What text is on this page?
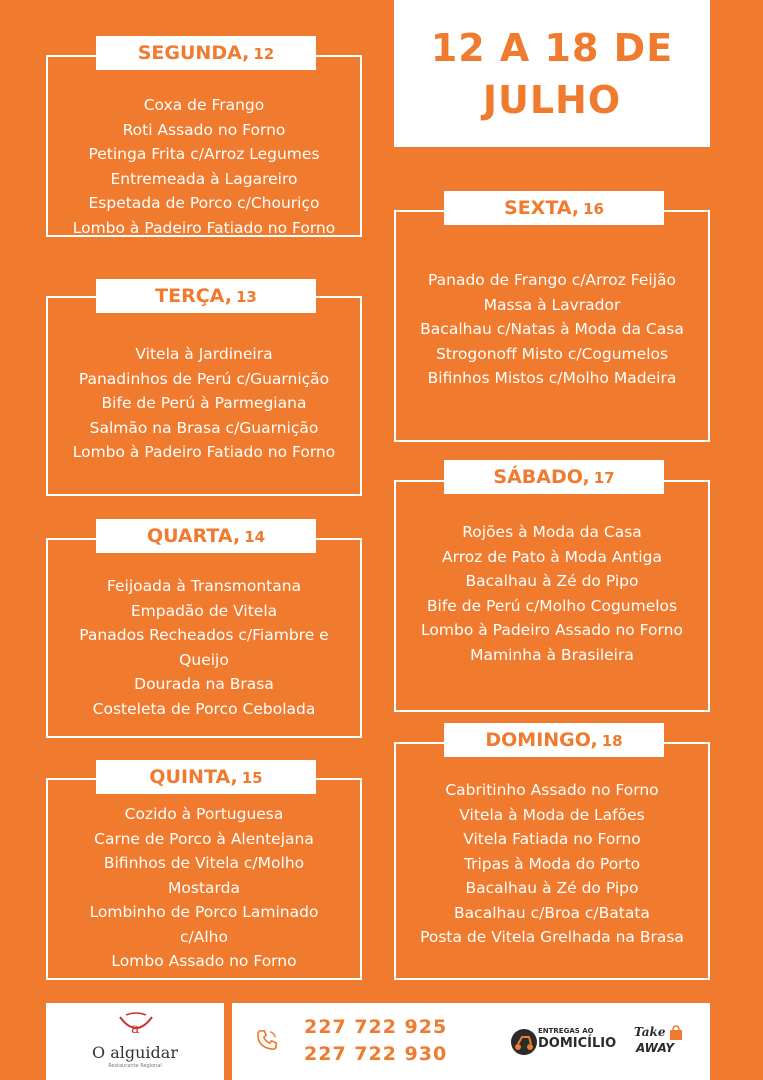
12 A 18 DE
JULHO
Coxa de Frango
Roti Assado no Forno
Petinga Frita c/Arroz Legumes
Entremeada à Lagareiro
Espetada de Porco c/Chouriço
Lombo à Padeiro Fatiado no Forno
SEGUNDA, 12
Vitela à Jardineira
Panadinhos de Perú c/Guarnição
Bife de Perú à Parmegiana
Salmão na Brasa c/Guarnição
Lombo à Padeiro Fatiado no Forno
TERÇA, 13
Feijoada à Transmontana
Empadão de Vitela
Panados Recheados c/Fiambre e
Queijo
Dourada na Brasa
Costeleta de Porco Cebolada
QUARTA, 14
Cozido à Portuguesa
Carne de Porco à Alentejana
Bifinhos de Vitela c/Molho
Mostarda
Lombinho de Porco Laminado
c/Alho
Lombo Assado no Forno
QUINTA, 15
Panado de Frango c/Arroz Feijão
Massa à Lavrador
Bacalhau c/Natas à Moda da Casa
Strogonoff Misto c/Cogumelos
Bifinhos Mistos c/Molho Madeira
SEXTA, 16
Rojões à Moda da Casa
Arroz de Pato à Moda Antiga
Bacalhau à Zé do Pipo
Bife de Perú c/Molho Cogumelos
Lombo à Padeiro Assado no Forno
Maminha à Brasileira
SÁBADO, 17
Cabritinho Assado no Forno
Vitela à Moda de Lafões
Vitela Fatiada no Forno
Tripas à Moda do Porto
Bacalhau à Zé do Pipo
Bacalhau c/Broa c/Batata
Posta de Vitela Grelhada na Brasa
DOMINGO, 18
a
O alguidar
Restaurante Regional
227 722 925
227 722 930
ENTREGAS AO
DOMICÍLIO
Take
AWAY
